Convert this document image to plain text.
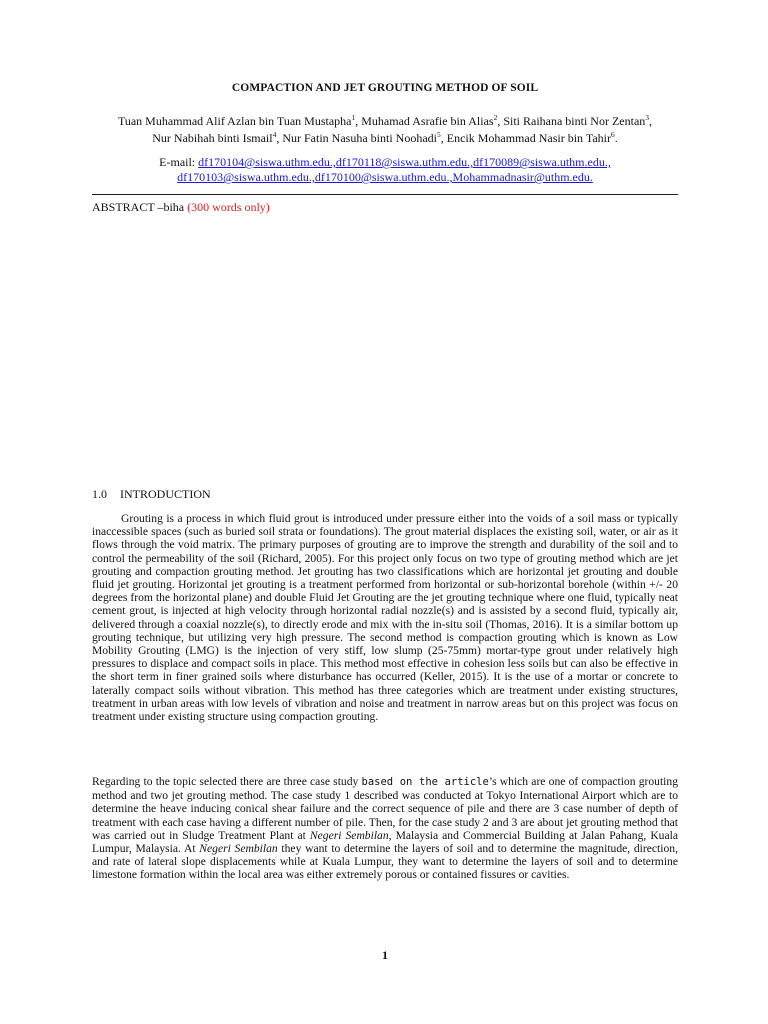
COMPACTION AND JET GROUTING METHOD OF SOIL
Tuan Muhammad Alif Azlan bin Tuan Mustapha$^1$, Muhamad Asrafie bin Alias$^2$, Siti Raihana binti Nor Zentan$^3$,
Nur Nabihah binti Ismail$^4$, Nur Fatin Nasuha binti Noohadi$^5$, Encik Mohammad Nasir bin Tahir$^6$.
E-mail: df170104@siswa.uthm.edu.,df170118@siswa.uthm.edu.,df170089@siswa.uthm.edu.,
df170103@siswa.uthm.edu.,df170100@siswa.uthm.edu.,Mohammadnasir@uthm.edu.
ABSTRACT –biha (300 words only)
1.0 INTRODUCTION

Grouting is a process in which fluid grout is introduced under pressure either into the voids of a soil mass or typically inaccessible spaces (such as buried soil strata or foundations). The grout material displaces the existing soil, water, or air as it flows through the void matrix. The primary purposes of grouting are to improve the strength and durability of the soil and to control the permeability of the soil (Richard, 2005). For this project only focus on two type of grouting method which are jet grouting and compaction grouting method. Jet grouting has two classifications which are horizontal jet grouting and double fluid jet grouting. Horizontal jet grouting is a treatment performed from horizontal or sub-horizontal borehole (within +/- 20 degrees from the horizontal plane) and double Fluid Jet Grouting are the jet grouting technique where one fluid, typically neat cement grout, is injected at high velocity through horizontal radial nozzle(s) and is assisted by a second fluid, typically air, delivered through a coaxial nozzle(s), to directly erode and mix with the in-situ soil (Thomas, 2016). It is a similar bottom up grouting technique, but utilizing very high pressure. The second method is compaction grouting which is known as Low Mobility Grouting (LMG) is the injection of very stiff, low slump (25-75mm) mortar-type grout under relatively high pressures to displace and compact soils in place. This method most effective in cohesion less soils but can also be effective in the short term in finer grained soils where disturbance has occurred (Keller, 2015). It is the use of a mortar or concrete to laterally compact soils without vibration. This method has three categories which are treatment under existing structures, treatment in urban areas with low levels of vibration and noise and treatment in narrow areas but on this project was focus on treatment under existing structure using compaction grouting.

Regarding to the topic selected there are three case study based on the article’s which are one of compaction grouting method and two jet grouting method. The case study 1 described was conducted at Tokyo International Airport which are to determine the heave inducing conical shear failure and the correct sequence of pile and there are 3 case number of depth of treatment with each case having a different number of pile. Then, for the case study 2 and 3 are about jet grouting method that was carried out in Sludge Treatment Plant at Negeri Sembilan, Malaysia and Commercial Building at Jalan Pahang, Kuala Lumpur, Malaysia. At Negeri Sembilan they want to determine the layers of soil and to determine the magnitude, direction, and rate of lateral slope displacements while at Kuala Lumpur, they want to determine the layers of soil and to determine limestone formation within the local area was either extremely porous or contained fissures or cavities.

1
